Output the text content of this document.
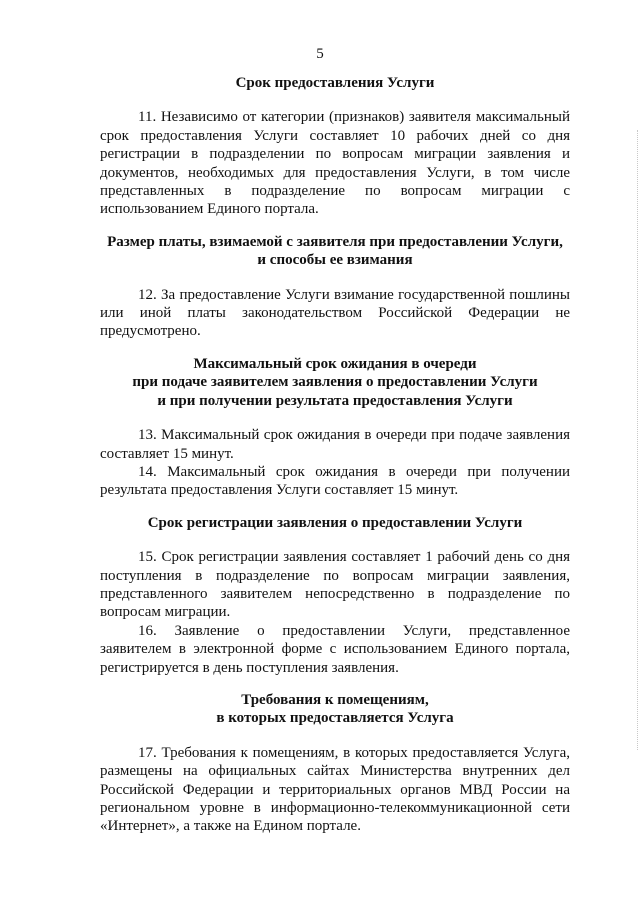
5

Срок предоставления Услуги

11. Независимо от категории (признаков) заявителя максимальный срок предоставления Услуги составляет 10 рабочих дней со дня регистрации в подразделении по вопросам миграции заявления и документов, необходимых для предоставления Услуги, в том числе представленных в подразделение по вопросам миграции с использованием Единого портала.

Размер платы, взимаемой с заявителя при предоставлении Услуги,
и способы ее взимания

12. За предоставление Услуги взимание государственной пошлины или иной платы законодательством Российской Федерации не предусмотрено.

Максимальный срок ожидания в очереди
при подаче заявителем заявления о предоставлении Услуги
и при получении результата предоставления Услуги

13. Максимальный срок ожидания в очереди при подаче заявления составляет 15 минут.

14. Максимальный срок ожидания в очереди при получении результата предоставления Услуги составляет 15 минут.

Срок регистрации заявления о предоставлении Услуги

15. Срок регистрации заявления составляет 1 рабочий день со дня поступления в подразделение по вопросам миграции заявления, представленного заявителем непосредственно в подразделение по вопросам миграции.

16. Заявление о предоставлении Услуги, представленное заявителем в электронной форме с использованием Единого портала, регистрируется в день поступления заявления.

Требования к помещениям,
в которых предоставляется Услуга

17. Требования к помещениям, в которых предоставляется Услуга, размещены на официальных сайтах Министерства внутренних дел Российской Федерации и территориальных органов МВД России на региональном уровне в информационно-телекоммуникационной сети «Интернет», а также на Едином портале.
